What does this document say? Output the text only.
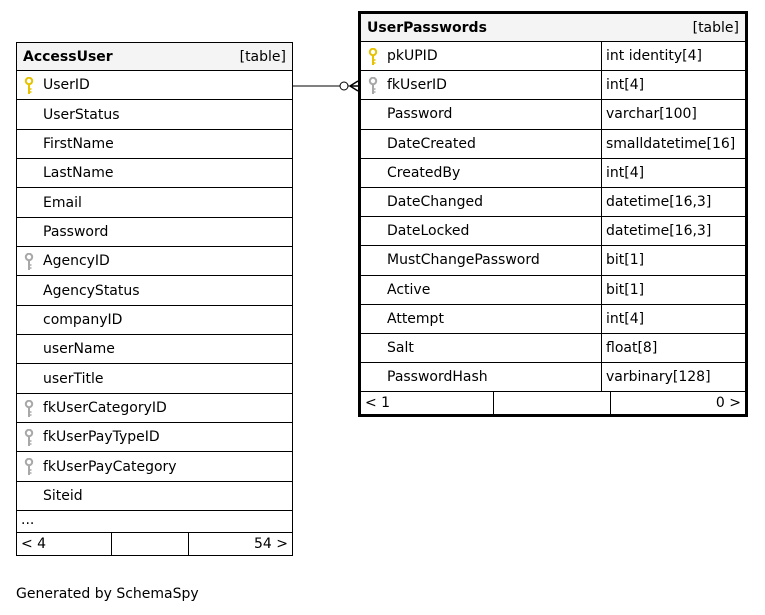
AccessUser	[table]
UserID
UserStatus
FirstName
LastName
Email
Password
AgencyID
AgencyStatus
companyID
userName
userTitle
fkUserCategoryID
fkUserPayTypeID
fkUserPayCategory
Siteid
...
< 4	54 >
UserPasswords	[table]
pkUPID	int identity[4]
fkUserID	int[4]
Password	varchar[100]
DateCreated	smalldatetime[16]
CreatedBy	int[4]
DateChanged	datetime[16,3]
DateLocked	datetime[16,3]
MustChangePassword	bit[1]
Active	bit[1]
Attempt	int[4]
Salt	float[8]
PasswordHash	varbinary[128]
< 1	0 >
Generated by SchemaSpy
